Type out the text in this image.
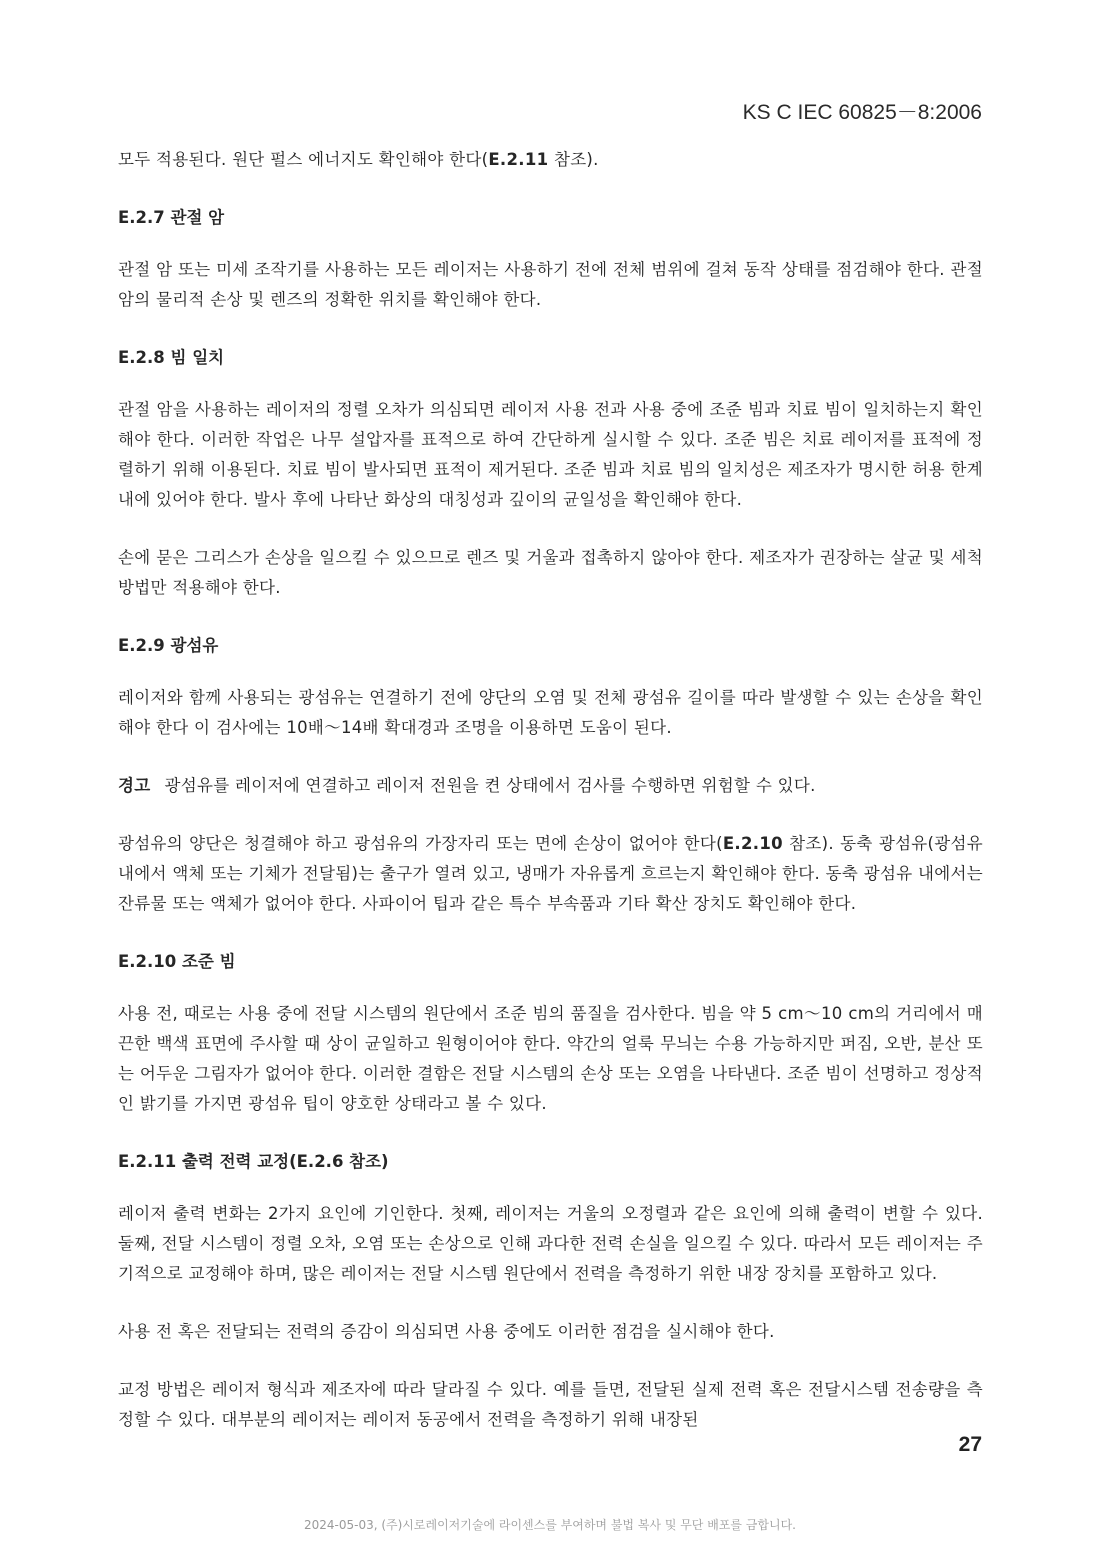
KS C IEC 60825－8:2006

모두 적용된다. 원단 펄스 에너지도 확인해야 한다(E.2.11 참조).

E.2.7 관절 암

관절 암 또는 미세 조작기를 사용하는 모든 레이저는 사용하기 전에 전체 범위에 걸쳐 동작 상태를 점검해야 한다. 관절 암의 물리적 손상 및 렌즈의 정확한 위치를 확인해야 한다.

E.2.8 빔 일치

관절 암을 사용하는 레이저의 정렬 오차가 의심되면 레이저 사용 전과 사용 중에 조준 빔과 치료 빔이 일치하는지 확인해야 한다. 이러한 작업은 나무 설압자를 표적으로 하여 간단하게 실시할 수 있다. 조준 빔은 치료 레이저를 표적에 정렬하기 위해 이용된다. 치료 빔이 발사되면 표적이 제거된다. 조준 빔과 치료 빔의 일치성은 제조자가 명시한 허용 한계 내에 있어야 한다. 발사 후에 나타난 화상의 대칭성과 깊이의 균일성을 확인해야 한다.

손에 묻은 그리스가 손상을 일으킬 수 있으므로 렌즈 및 거울과 접촉하지 않아야 한다. 제조자가 권장하는 살균 및 세척 방법만 적용해야 한다.

E.2.9 광섬유

레이저와 함께 사용되는 광섬유는 연결하기 전에 양단의 오염 및 전체 광섬유 길이를 따라 발생할 수 있는 손상을 확인해야 한다 이 검사에는 10배～14배 확대경과 조명을 이용하면 도움이 된다.

경고 광섬유를 레이저에 연결하고 레이저 전원을 켠 상태에서 검사를 수행하면 위험할 수 있다.

광섬유의 양단은 청결해야 하고 광섬유의 가장자리 또는 면에 손상이 없어야 한다(E.2.10 참조). 동축 광섬유(광섬유 내에서 액체 또는 기체가 전달됨)는 출구가 열려 있고, 냉매가 자유롭게 흐르는지 확인해야 한다. 동축 광섬유 내에서는 잔류물 또는 액체가 없어야 한다. 사파이어 팁과 같은 특수 부속품과 기타 확산 장치도 확인해야 한다.

E.2.10 조준 빔

사용 전, 때로는 사용 중에 전달 시스템의 원단에서 조준 빔의 품질을 검사한다. 빔을 약 5 cm～10 cm의 거리에서 매끈한 백색 표면에 주사할 때 상이 균일하고 원형이어야 한다. 약간의 얼룩 무늬는 수용 가능하지만 퍼짐, 오반, 분산 또는 어두운 그림자가 없어야 한다. 이러한 결함은 전달 시스템의 손상 또는 오염을 나타낸다. 조준 빔이 선명하고 정상적인 밝기를 가지면 광섬유 팁이 양호한 상태라고 볼 수 있다.

E.2.11 출력 전력 교정(E.2.6 참조)

레이저 출력 변화는 2가지 요인에 기인한다. 첫째, 레이저는 거울의 오정렬과 같은 요인에 의해 출력이 변할 수 있다. 둘째, 전달 시스템이 정렬 오차, 오염 또는 손상으로 인해 과다한 전력 손실을 일으킬 수 있다. 따라서 모든 레이저는 주기적으로 교정해야 하며, 많은 레이저는 전달 시스템 원단에서 전력을 측정하기 위한 내장 장치를 포함하고 있다.

사용 전 혹은 전달되는 전력의 증감이 의심되면 사용 중에도 이러한 점검을 실시해야 한다.

교정 방법은 레이저 형식과 제조자에 따라 달라질 수 있다. 예를 들면, 전달된 실제 전력 혹은 전달시스템 전송량을 측정할 수 있다. 대부분의 레이저는 레이저 동공에서 전력을 측정하기 위해 내장된

27
2024-05-03, (주)시로레이저기술에 라이센스를 부여하며 불법 복사 및 무단 배포를 금합니다.
